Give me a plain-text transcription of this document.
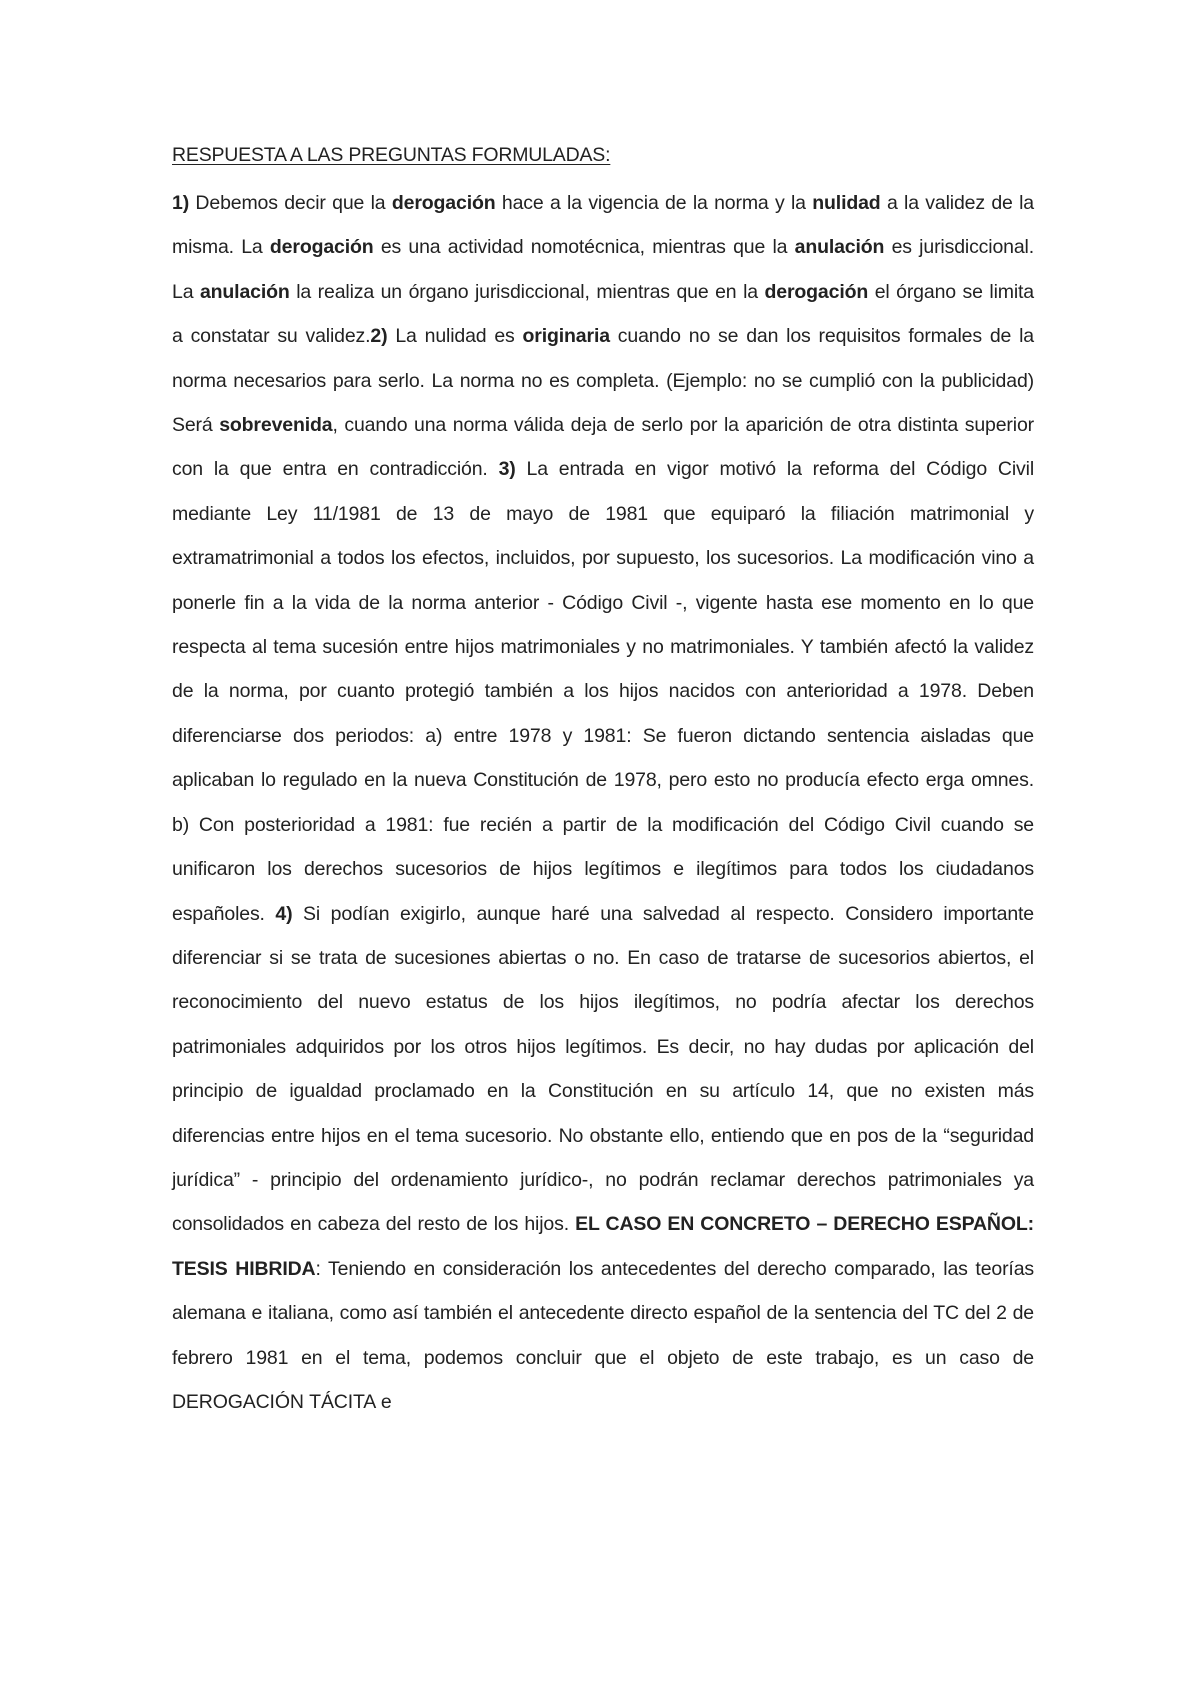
RESPUESTA A LAS PREGUNTAS FORMULADAS:

1) Debemos decir que la derogación hace a la vigencia de la norma y la nulidad a la validez de la misma. La derogación es una actividad nomotécnica, mientras que la anulación es jurisdiccional. La anulación la realiza un órgano jurisdiccional, mientras que en la derogación el órgano se limita a constatar su validez.2) La nulidad es originaria cuando no se dan los requisitos formales de la norma necesarios para serlo. La norma no es completa. (Ejemplo: no se cumplió con la publicidad) Será sobrevenida, cuando una norma válida deja de serlo por la aparición de otra distinta superior con la que entra en contradicción. 3) La entrada en vigor motivó la reforma del Código Civil mediante Ley 11/1981 de 13 de mayo de 1981 que equiparó la filiación matrimonial y extramatrimonial a todos los efectos, incluidos, por supuesto, los sucesorios. La modificación vino a ponerle fin a la vida de la norma anterior - Código Civil -, vigente hasta ese momento en lo que respecta al tema sucesión entre hijos matrimoniales y no matrimoniales. Y también afectó la validez de la norma, por cuanto protegió también a los hijos nacidos con anterioridad a 1978. Deben diferenciarse dos periodos: a) entre 1978 y 1981: Se fueron dictando sentencia aisladas que aplicaban lo regulado en la nueva Constitución de 1978, pero esto no producía efecto erga omnes. b) Con posterioridad a 1981: fue recién a partir de la modificación del Código Civil cuando se unificaron los derechos sucesorios de hijos legítimos e ilegítimos para todos los ciudadanos españoles. 4) Si podían exigirlo, aunque haré una salvedad al respecto. Considero importante diferenciar si se trata de sucesiones abiertas o no. En caso de tratarse de sucesorios abiertos, el reconocimiento del nuevo estatus de los hijos ilegítimos, no podría afectar los derechos patrimoniales adquiridos por los otros hijos legítimos. Es decir, no hay dudas por aplicación del principio de igualdad proclamado en la Constitución en su artículo 14, que no existen más diferencias entre hijos en el tema sucesorio. No obstante ello, entiendo que en pos de la “seguridad jurídica” - principio del ordenamiento jurídico-, no podrán reclamar derechos patrimoniales ya consolidados en cabeza del resto de los hijos. EL CASO EN CONCRETO – DERECHO ESPAÑOL: TESIS HIBRIDA: Teniendo en consideración los antecedentes del derecho comparado, las teorías alemana e italiana, como así también el antecedente directo español de la sentencia del TC del 2 de febrero 1981 en el tema, podemos concluir que el objeto de este trabajo, es un caso de DEROGACIÓN TÁCITA e
